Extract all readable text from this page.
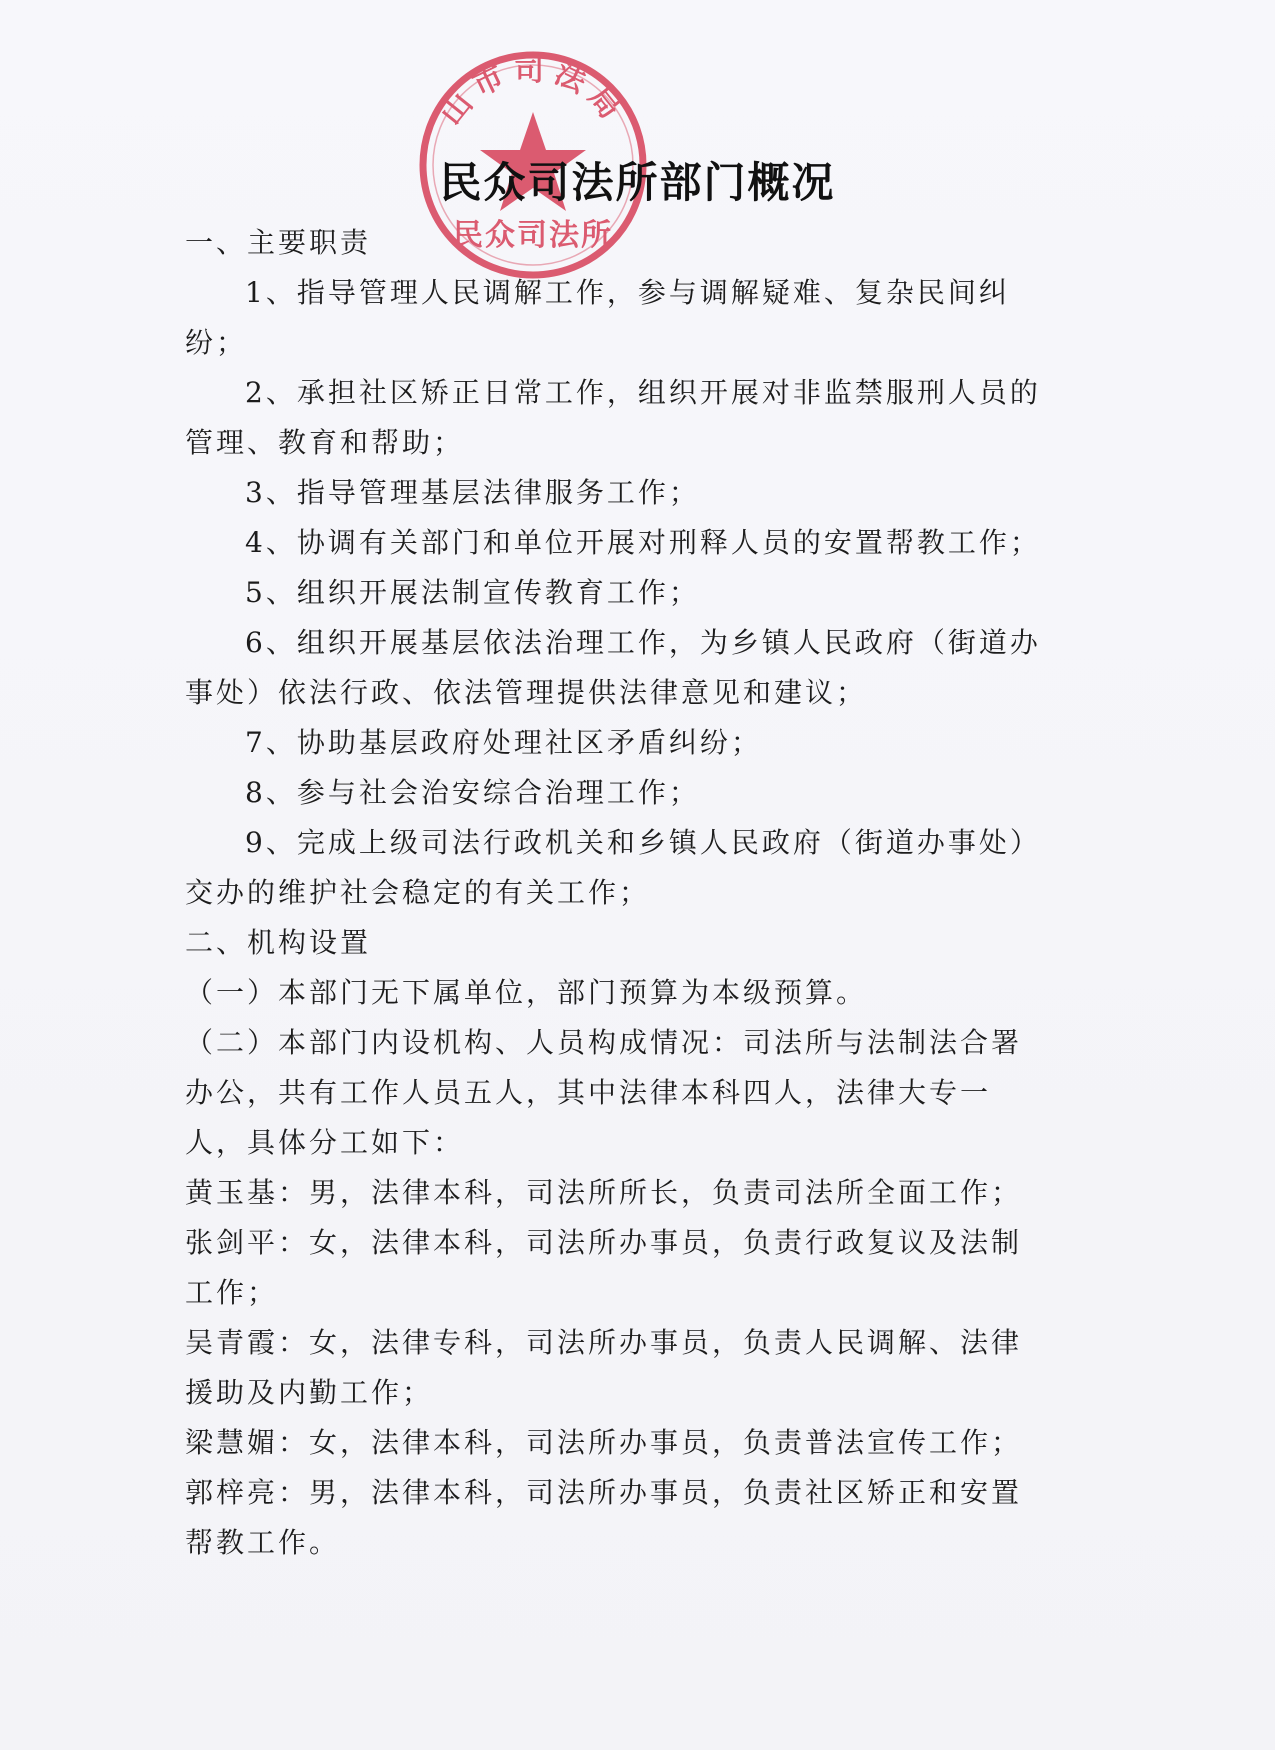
山市司法局
民众司法所
民众司法所部门概况

一、主要职责

1、指导管理人民调解工作，参与调解疑难、复杂民间纠纷；

2、承担社区矫正日常工作，组织开展对非监禁服刑人员的管理、教育和帮助；

3、指导管理基层法律服务工作；

4、协调有关部门和单位开展对刑释人员的安置帮教工作；

5、组织开展法制宣传教育工作；

6、组织开展基层依法治理工作，为乡镇人民政府（街道办事处）依法行政、依法管理提供法律意见和建议；

7、协助基层政府处理社区矛盾纠纷；

8、参与社会治安综合治理工作；

9、完成上级司法行政机关和乡镇人民政府（街道办事处）交办的维护社会稳定的有关工作；

二、机构设置

（一）本部门无下属单位，部门预算为本级预算。

（二）本部门内设机构、人员构成情况：司法所与法制法合署办公，共有工作人员五人，其中法律本科四人，法律大专一人，具体分工如下：

黄玉基：男，法律本科，司法所所长，负责司法所全面工作；

张剑平：女，法律本科，司法所办事员，负责行政复议及法制工作；

吴青霞：女，法律专科，司法所办事员，负责人民调解、法律援助及内勤工作；

梁慧媚：女，法律本科，司法所办事员，负责普法宣传工作；

郭梓亮：男，法律本科，司法所办事员，负责社区矫正和安置帮教工作。
